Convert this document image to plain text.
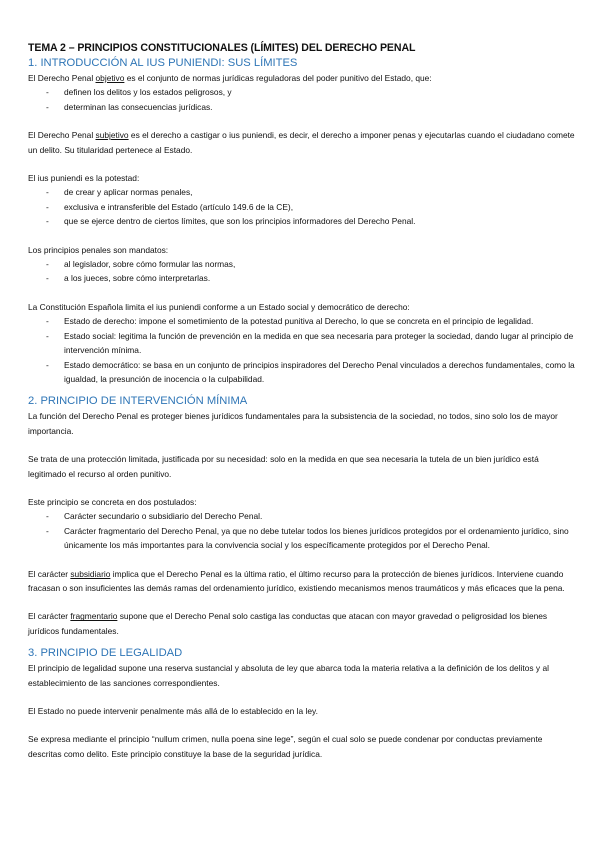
TEMA 2 – PRINCIPIOS CONSTITUCIONALES (LÍMITES) DEL DERECHO PENAL
1. INTRODUCCIÓN AL IUS PUNIENDI: SUS LÍMITES

El Derecho Penal objetivo es el conjunto de normas jurídicas reguladoras del poder punitivo del Estado, que:

- definen los delitos y los estados peligrosos, y
- determinan las consecuencias jurídicas.

El Derecho Penal subjetivo es el derecho a castigar o ius puniendi, es decir, el derecho a imponer penas y ejecutarlas cuando el ciudadano comete un delito. Su titularidad pertenece al Estado.

El ius puniendi es la potestad:

- de crear y aplicar normas penales,
- exclusiva e intransferible del Estado (artículo 149.6 de la CE),
- que se ejerce dentro de ciertos límites, que son los principios informadores del Derecho Penal.

Los principios penales son mandatos:

- al legislador, sobre cómo formular las normas,
- a los jueces, sobre cómo interpretarlas.

La Constitución Española limita el ius puniendi conforme a un Estado social y democrático de derecho:

- Estado de derecho: impone el sometimiento de la potestad punitiva al Derecho, lo que se concreta en el principio de legalidad.
- Estado social: legitima la función de prevención en la medida en que sea necesaria para proteger la sociedad, dando lugar al principio de intervención mínima.
- Estado democrático: se basa en un conjunto de principios inspiradores del Derecho Penal vinculados a derechos fundamentales, como la igualdad, la presunción de inocencia o la culpabilidad.
2. PRINCIPIO DE INTERVENCIÓN MÍNIMA

La función del Derecho Penal es proteger bienes jurídicos fundamentales para la subsistencia de la sociedad, no todos, sino solo los de mayor importancia.

Se trata de una protección limitada, justificada por su necesidad: solo en la medida en que sea necesaria la tutela de un bien jurídico está legitimado el recurso al orden punitivo.

Este principio se concreta en dos postulados:

- Carácter secundario o subsidiario del Derecho Penal.
- Carácter fragmentario del Derecho Penal, ya que no debe tutelar todos los bienes jurídicos protegidos por el ordenamiento jurídico, sino únicamente los más importantes para la convivencia social y los específicamente protegidos por el Derecho Penal.

El carácter subsidiario implica que el Derecho Penal es la última ratio, el último recurso para la protección de bienes jurídicos. Interviene cuando fracasan o son insuficientes las demás ramas del ordenamiento jurídico, existiendo mecanismos menos traumáticos y más eficaces que la pena.

El carácter fragmentario supone que el Derecho Penal solo castiga las conductas que atacan con mayor gravedad o peligrosidad los bienes jurídicos fundamentales.

3. PRINCIPIO DE LEGALIDAD

El principio de legalidad supone una reserva sustancial y absoluta de ley que abarca toda la materia relativa a la definición de los delitos y al establecimiento de las sanciones correspondientes.

El Estado no puede intervenir penalmente más allá de lo establecido en la ley.

Se expresa mediante el principio “nullum crimen, nulla poena sine lege”, según el cual solo se puede condenar por conductas previamente descritas como delito. Este principio constituye la base de la seguridad jurídica.
